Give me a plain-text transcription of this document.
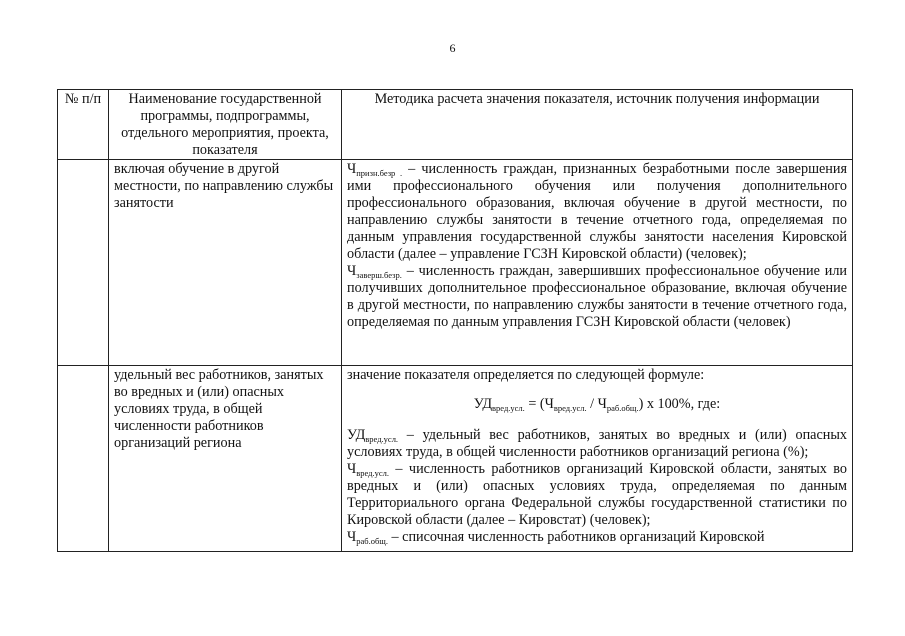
6
№ п/п	Наименование государственной программы, подпрограммы, отдельного мероприятия, проекта, показателя	Методика расчета значения показателя, источник получения информации
	включая обучение в другой местности, по направлению службы занятости	$Ч_{призн.безр .}$ – численность граждан, признанных безработными после завершения ими профессионального обучения или получения дополнительного профессионального образования, включая обучение в другой местности, по направлению службы занятости в течение отчетного года, определяемая по данным управления государственной службы занятости населения Кировской области (далее – управление ГСЗН Кировской области) (человек);

$Ч_{заверш.безр.}$ – численность граждан, завершивших профессиональное обучение или получивших дополнительное профессиональное образование, включая обучение в другой местности, по направлению службы занятости в течение отчетного года, определяемая по данным управления ГСЗН Кировской области (человек)

	удельный вес работников, занятых во вредных и (или) опасных условиях труда, в общей численности работников организаций региона	значение показателя определяется по следующей формуле:

$УД_{вред.усл.} = (Ч_{вред.усл.} / Ч_{раб.общ.})$ х 100%, где:

$УД_{вред.усл.}$ – удельный вес работников, занятых во вредных и (или) опасных условиях труда, в общей численности работников организаций региона (%);

$Ч_{вред.усл.}$ – численность работников организаций Кировской области, занятых во вредных и (или) опасных условиях труда, определяемая по данным Территориального органа Федеральной службы государственной статистики по Кировской области (далее – Кировстат) (человек);

$Ч_{раб.общ.}$ – списочная численность работников организаций Кировской
